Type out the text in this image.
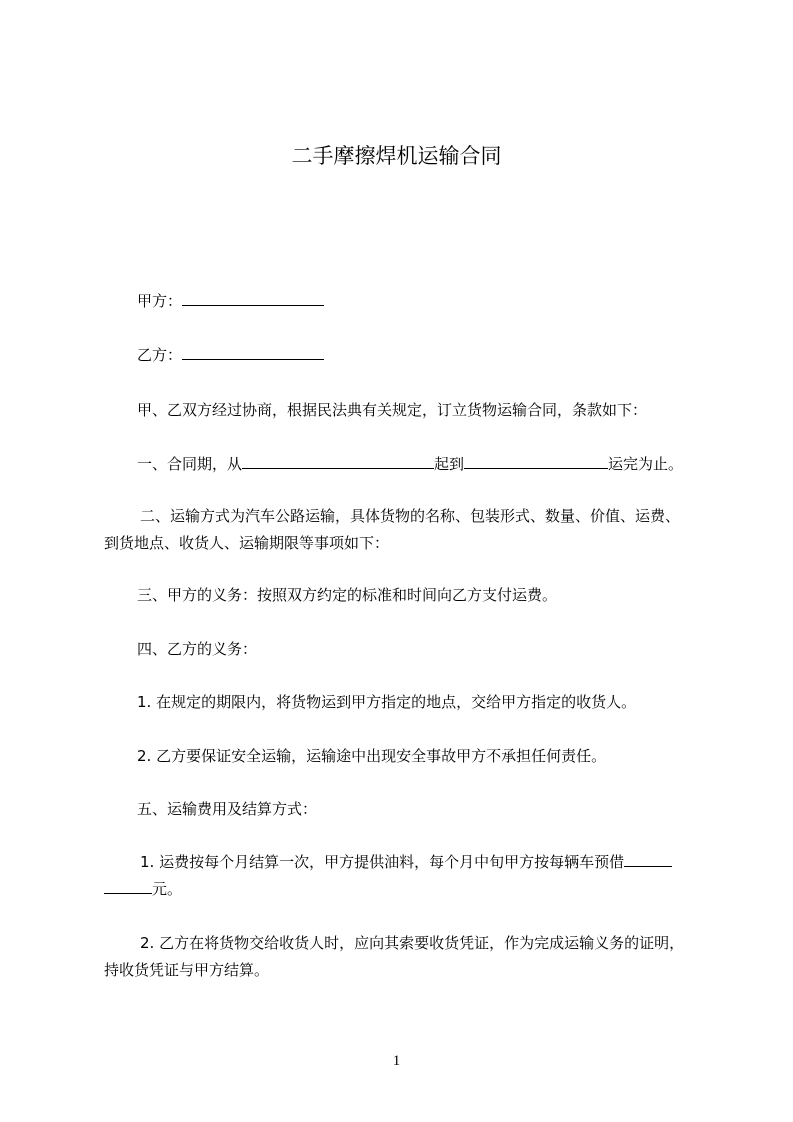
二手摩擦焊机运输合同
甲方：
乙方：
甲、乙双方经过协商，根据民法典有关规定，订立货物运输合同，条款如下：
一、合同期，从	起到	运完为止。
二、运输方式为汽车公路运输，具体货物的名称、包装形式、数量、价值、运费、
到货地点、收货人、运输期限等事项如下：
三、甲方的义务：按照双方约定的标准和时间向乙方支付运费。
四、乙方的义务：
1. 在规定的期限内，将货物运到甲方指定的地点，交给甲方指定的收货人。
2. 乙方要保证安全运输，运输途中出现安全事故甲方不承担任何责任。
五、运输费用及结算方式：
1. 运费按每个月结算一次，甲方提供油料，每个月中旬甲方按每辆车预借
元。
2. 乙方在将货物交给收货人时，应向其索要收货凭证，作为完成运输义务的证明，
持收货凭证与甲方结算。
1
